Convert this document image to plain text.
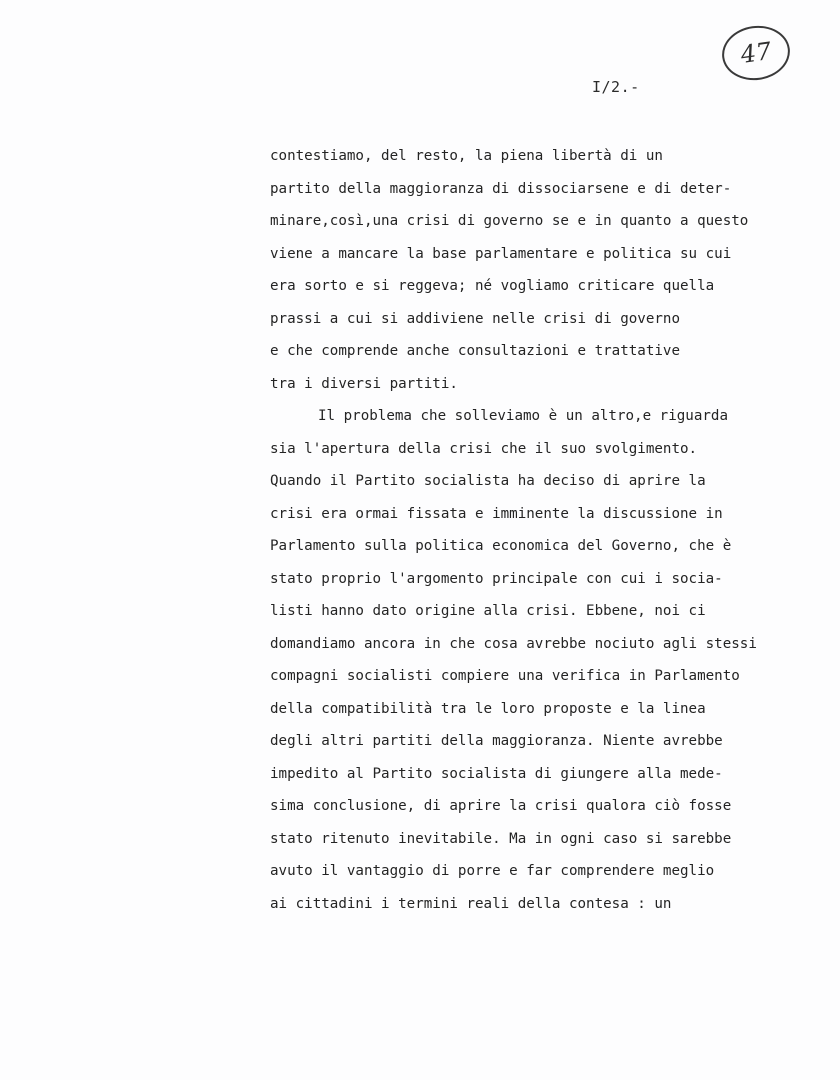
47
I/2.-
contestiamo, del resto, la piena libertà di un
partito della maggioranza di dissociarsene e di deter-
minare,così,una crisi di governo se e in quanto a questo
viene a mancare la base parlamentare e politica su cui
era sorto e si reggeva; né vogliamo criticare quella
prassi a cui si addiviene nelle crisi di governo
e che comprende anche consultazioni e trattative
tra i diversi partiti.
Il problema che solleviamo è un altro,e riguarda
sia l'apertura della crisi che il suo svolgimento.
Quando il Partito socialista ha deciso di aprire la
crisi era ormai fissata e imminente la discussione in
Parlamento sulla politica economica del Governo, che è
stato proprio l'argomento principale con cui i socia-
listi hanno dato origine alla crisi. Ebbene, noi ci
domandiamo ancora in che cosa avrebbe nociuto agli stessi
compagni socialisti compiere una verifica in Parlamento
della compatibilità tra le loro proposte e la linea
degli altri partiti della maggioranza. Niente avrebbe
impedito al Partito socialista di giungere alla mede-
sima conclusione, di aprire la crisi qualora ciò fosse
stato ritenuto inevitabile. Ma in ogni caso si sarebbe
avuto il vantaggio di porre e far comprendere meglio
ai cittadini i termini reali della contesa : un
